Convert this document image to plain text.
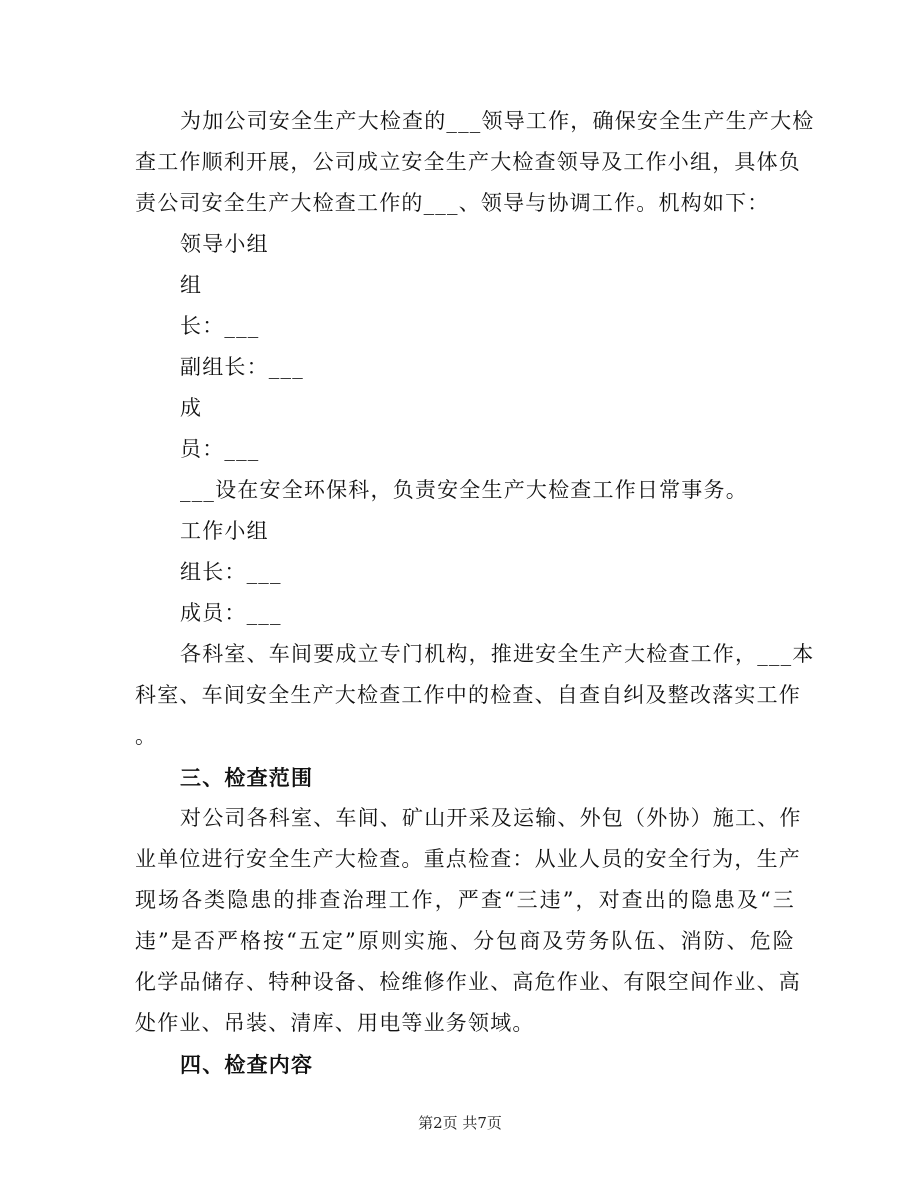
为加公司安全生产大检查的___领导工作，确保安全生产生产大检
查工作顺利开展，公司成立安全生产大检查领导及工作小组，具体负
责公司安全生产大检查工作的___、领导与协调工作。机构如下：
领导小组
组
长：___
副组长：___
成
员：___
___设在安全环保科，负责安全生产大检查工作日常事务。
工作小组
组长：___
成员：___
各科室、车间要成立专门机构，推进安全生产大检查工作，___本
科室、车间安全生产大检查工作中的检查、自查自纠及整改落实工作
。
三、检查范围
对公司各科室、车间、矿山开采及运输、外包（外协）施工、作
业单位进行安全生产大检查。重点检查：从业人员的安全行为，生产
现场各类隐患的排查治理工作，严查“三违”，对查出的隐患及“三
违”是否严格按“五定”原则实施、分包商及劳务队伍、消防、危险
化学品储存、特种设备、检维修作业、高危作业、有限空间作业、高
处作业、吊装、清库、用电等业务领域。
四、检查内容
第2页 共7页
